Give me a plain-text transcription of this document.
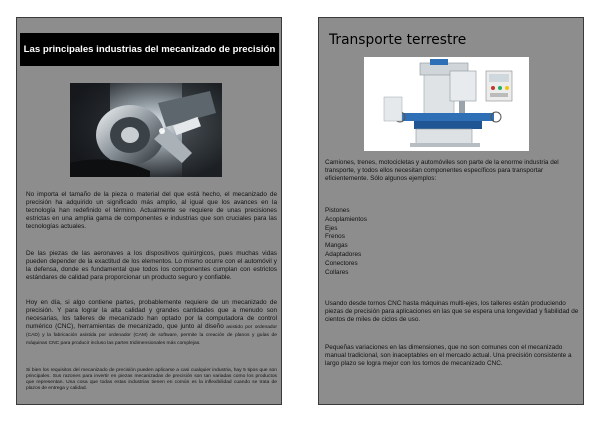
Las principales industrias del mecanizado de precisión

No importa el tamaño de la pieza o material del que está hecho, el mecanizado de precisión ha adquirido un significado más amplio, al igual que los avances en la tecnología han redefinido el término. Actualmente se requiere de unas precisiones estrictas en una amplia gama de componentes e industrias que son cruciales para las tecnologías actuales.

De las piezas de las aeronaves a los dispositivos quirúrgicos, pues muchas vidas pueden depender de la exactitud de los elementos. Lo mismo ocurre con el automóvil y la defensa, donde es fundamental que todos los componentes cumplan con estrictos estándares de calidad para proporcionar un producto seguro y confiable.

Hoy en día, si algo contiene partes, probablemente requiere de un mecanizado de precisión. Y para lograr la alta calidad y grandes cantidades que a menudo son necesarias, los talleres de mecanizado han optado por la computadora de control numérico (CNC), herramientas de mecanizado, que junto al diseño asistido por ordenador (CAD) y la fabricación asistida por ordenador (CAM) de software, permite la creación de planos y guías de máquinas CNC para producir incluso las partes tridimensionales más complejas.

Si bien los requisitos del mecanizado de precisión pueden aplicarse a casi cualquier industria, hay 5 tipos que son principales. Sus razones para invertir en piezas mecanizadas de precisión son tan variadas como los productos que representan. Una cosa que todas estas industrias tienen en común es la inflexibilidad cuando se trata de plazos de entrega y calidad.

Transporte terrestre

Camiones, trenes, motocicletas y automóviles son parte de la enorme industria del transporte, y todos ellos necesitan componentes específicos para transportar eficientemente. Sólo algunos ejemplos:

Pistones
Acoplamientos
Ejes
Frenos
Mangas
Adaptadores
Conectores
Collares

Usando desde tornos CNC hasta máquinas multi-ejes, los talleres están produciendo piezas de precisión para aplicaciones en las que se espera una longevidad y fiabilidad de cientos de miles de ciclos de uso.

Pequeñas variaciones en las dimensiones, que no son comunes con el mecanizado manual tradicional, son inaceptables en el mercado actual. Una precisión consistente a largo plazo se logra mejor con los tornos de mecanizado CNC.
